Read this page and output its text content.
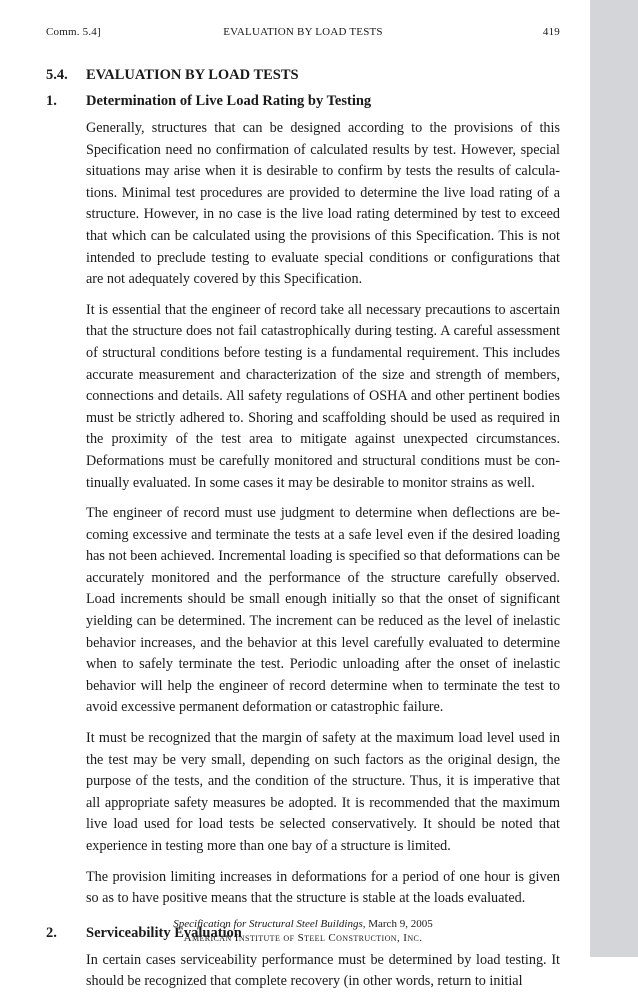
Comm. 5.4]	EVALUATION BY LOAD TESTS	419
5.4.	EVALUATION BY LOAD TESTS
1.	Determination of Live Load Rating by Testing

Generally, structures that can be designed according to the provisions of this Specification need no confirmation of calculated results by test. However, special situations may arise when it is desirable to confirm by tests the results of calcula-tions. Minimal test procedures are provided to determine the live load rating of a structure. However, in no case is the live load rating determined by test to exceed that which can be calculated using the provisions of this Specification. This is not intended to preclude testing to evaluate special conditions or configurations that are not adequately covered by this Specification.

It is essential that the engineer of record take all necessary precautions to ascertain that the structure does not fail catastrophically during testing. A careful assessment of structural conditions before testing is a fundamental requirement. This includes accurate measurement and characterization of the size and strength of members, connections and details. All safety regulations of OSHA and other pertinent bodies must be strictly adhered to. Shoring and scaffolding should be used as required in the proximity of the test area to mitigate against unexpected circumstances. Deformations must be carefully monitored and structural conditions must be con-tinually evaluated. In some cases it may be desirable to monitor strains as well.

The engineer of record must use judgment to determine when deflections are be-coming excessive and terminate the tests at a safe level even if the desired loading has not been achieved. Incremental loading is specified so that deformations can be accurately monitored and the performance of the structure carefully observed. Load increments should be small enough initially so that the onset of significant yielding can be determined. The increment can be reduced as the level of inelastic behavior increases, and the behavior at this level carefully evaluated to determine when to safely terminate the test. Periodic unloading after the onset of inelastic behavior will help the engineer of record determine when to terminate the test to avoid excessive permanent deformation or catastrophic failure.

It must be recognized that the margin of safety at the maximum load level used in the test may be very small, depending on such factors as the original design, the purpose of the tests, and the condition of the structure. Thus, it is imperative that all appropriate safety measures be adopted. It is recommended that the maximum live load used for load tests be selected conservatively. It should be noted that experience in testing more than one bay of a structure is limited.

The provision limiting increases in deformations for a period of one hour is given so as to have positive means that the structure is stable at the loads evaluated.

2.	Serviceability Evaluation

In certain cases serviceability performance must be determined by load testing. It should be recognized that complete recovery (in other words, return to initial

Specification for Structural Steel Buildings, March 9, 2005
American Institute of Steel Construction, Inc.
